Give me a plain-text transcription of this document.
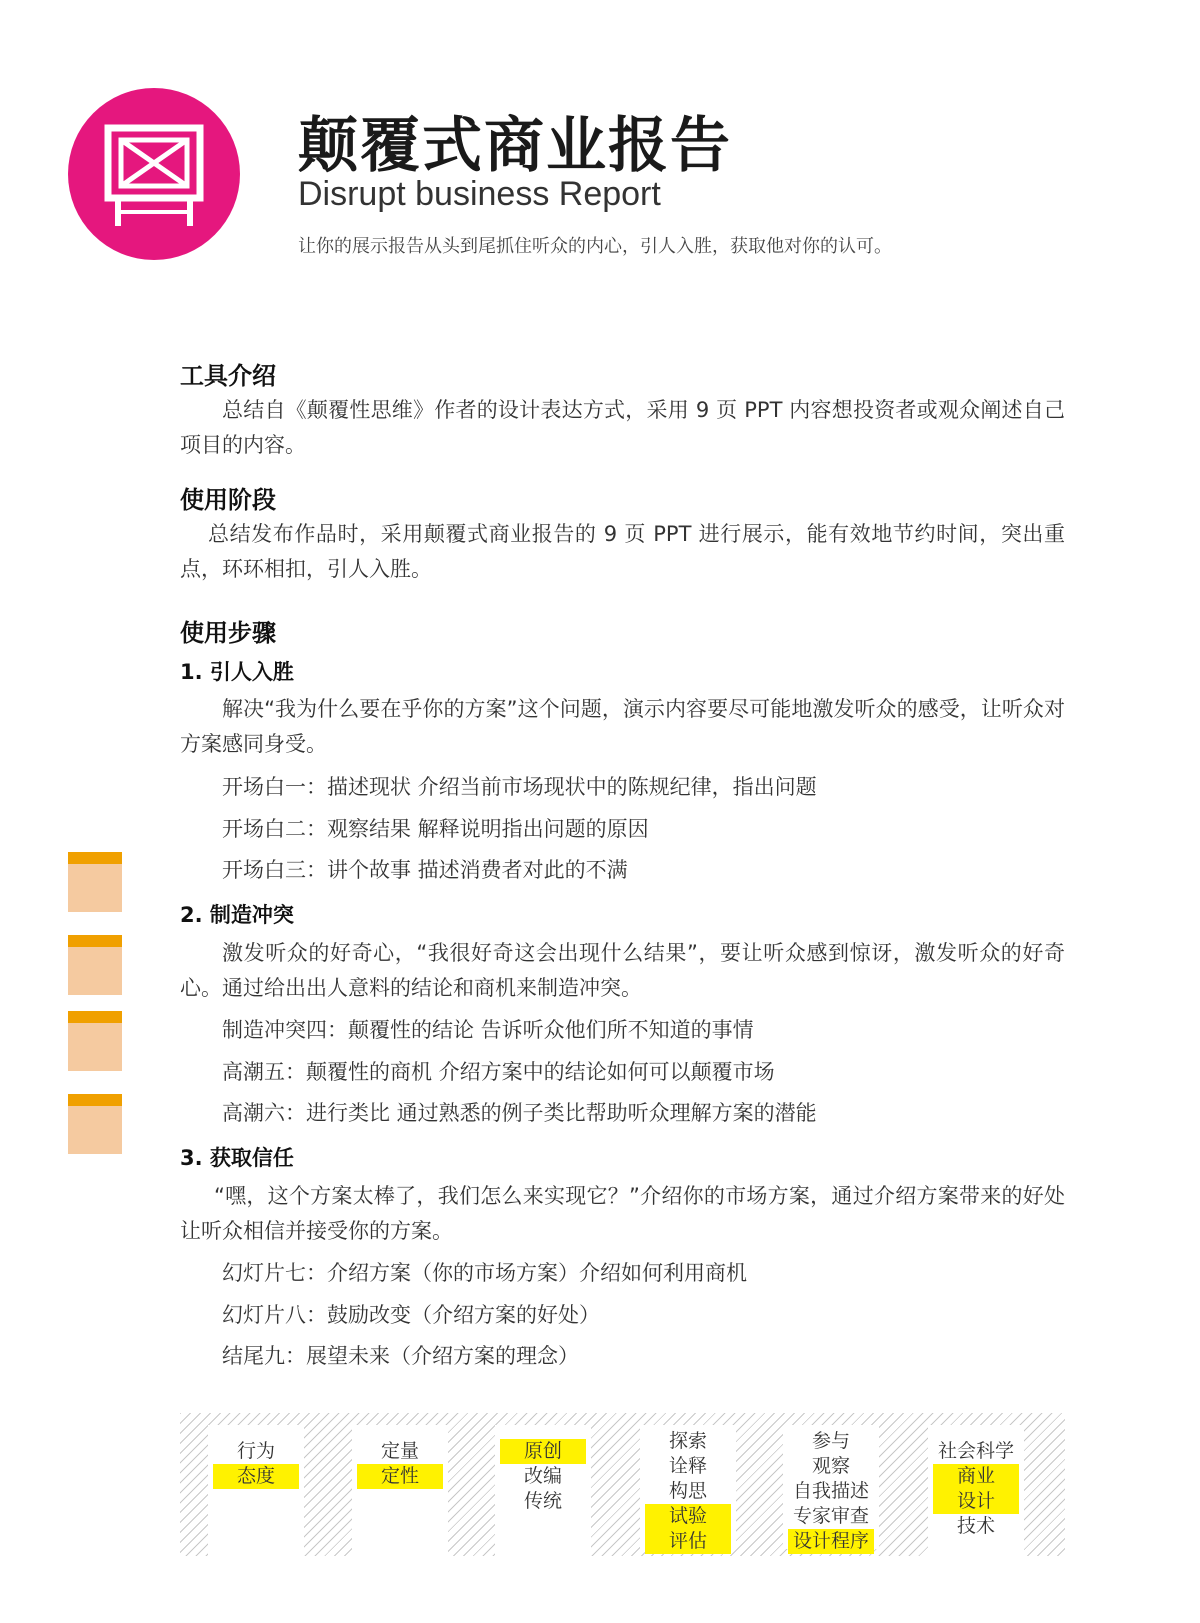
颠覆式商业报告
Disrupt business Report
让你的展示报告从头到尾抓住听众的内心，引人入胜，获取他对你的认可。
工具介绍
总结自《颠覆性思维》作者的设计表达方式，采用 9 页 PPT 内容想投资者或观众阐述自己项目的内容。
使用阶段
总结发布作品时，采用颠覆式商业报告的 9 页 PPT 进行展示，能有效地节约时间，突出重点，环环相扣，引人入胜。
使用步骤
1. 引人入胜
解决“我为什么要在乎你的方案”这个问题，演示内容要尽可能地激发听众的感受，让听众对方案感同身受。
开场白一：描述现状 介绍当前市场现状中的陈规纪律，指出问题
开场白二：观察结果 解释说明指出问题的原因
开场白三：讲个故事 描述消费者对此的不满
2. 制造冲突
激发听众的好奇心，“我很好奇这会出现什么结果”，要让听众感到惊讶，激发听众的好奇心。通过给出出人意料的结论和商机来制造冲突。
制造冲突四：颠覆性的结论 告诉听众他们所不知道的事情
高潮五：颠覆性的商机 介绍方案中的结论如何可以颠覆市场
高潮六：进行类比 通过熟悉的例子类比帮助听众理解方案的潜能
3. 获取信任
“嘿，这个方案太棒了，我们怎么来实现它？”介绍你的市场方案，通过介绍方案带来的好处让听众相信并接受你的方案。
幻灯片七：介绍方案（你的市场方案）介绍如何利用商机
幻灯片八：鼓励改变（介绍方案的好处）
结尾九：展望未来（介绍方案的理念）
行为
态度
定量
定性
原创
改编
传统
探索
诠释
构思
试验
评估
参与
观察
自我描述
专家审查
设计程序
社会科学
商业
设计
技术
